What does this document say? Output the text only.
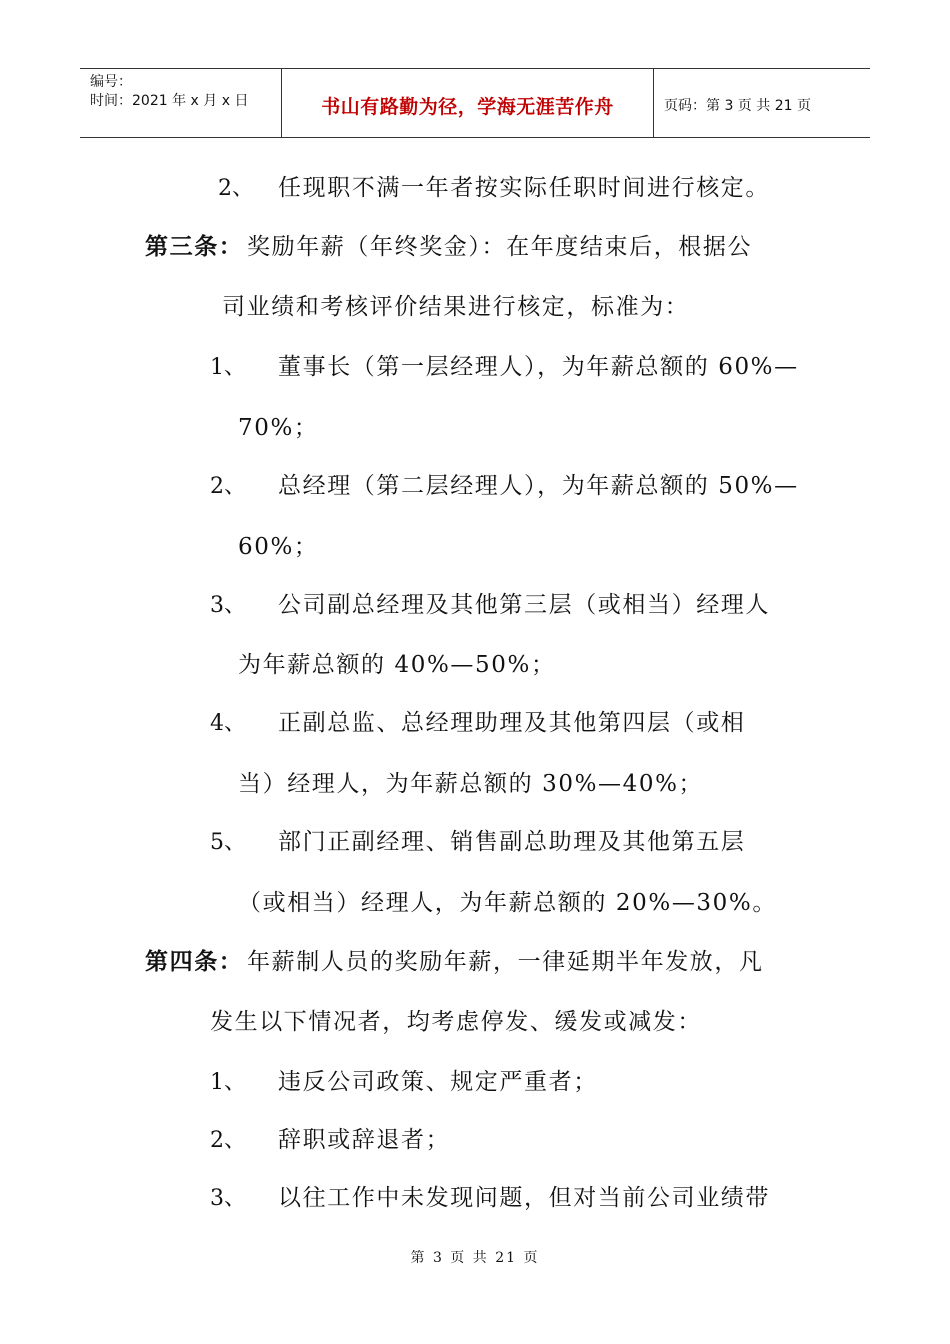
编号：
时间：2021 年 x 月 x 日	书山有路勤为径，学海无涯苦作舟	页码：第 3 页 共 21 页
2、 任现职不满一年者按实际任职时间进行核定。
第三条： 奖励年薪（年终奖金）：在年度结束后，根据公
司业绩和考核评价结果进行核定，标准为：
1、 董事长（第一层经理人），为年薪总额的 60%—
70%；
2、 总经理（第二层经理人），为年薪总额的 50%—
60%；
3、 公司副总经理及其他第三层（或相当）经理人
为年薪总额的 40%—50%；
4、 正副总监、总经理助理及其他第四层（或相
当）经理人，为年薪总额的 30%—40%；
5、 部门正副经理、销售副总助理及其他第五层
（或相当）经理人，为年薪总额的 20%—30%。
第四条： 年薪制人员的奖励年薪，一律延期半年发放，凡
发生以下情况者，均考虑停发、缓发或减发：
1、 违反公司政策、规定严重者；
2、 辞职或辞退者；
3、 以往工作中未发现问题，但对当前公司业绩带
第 3 页 共 21 页
